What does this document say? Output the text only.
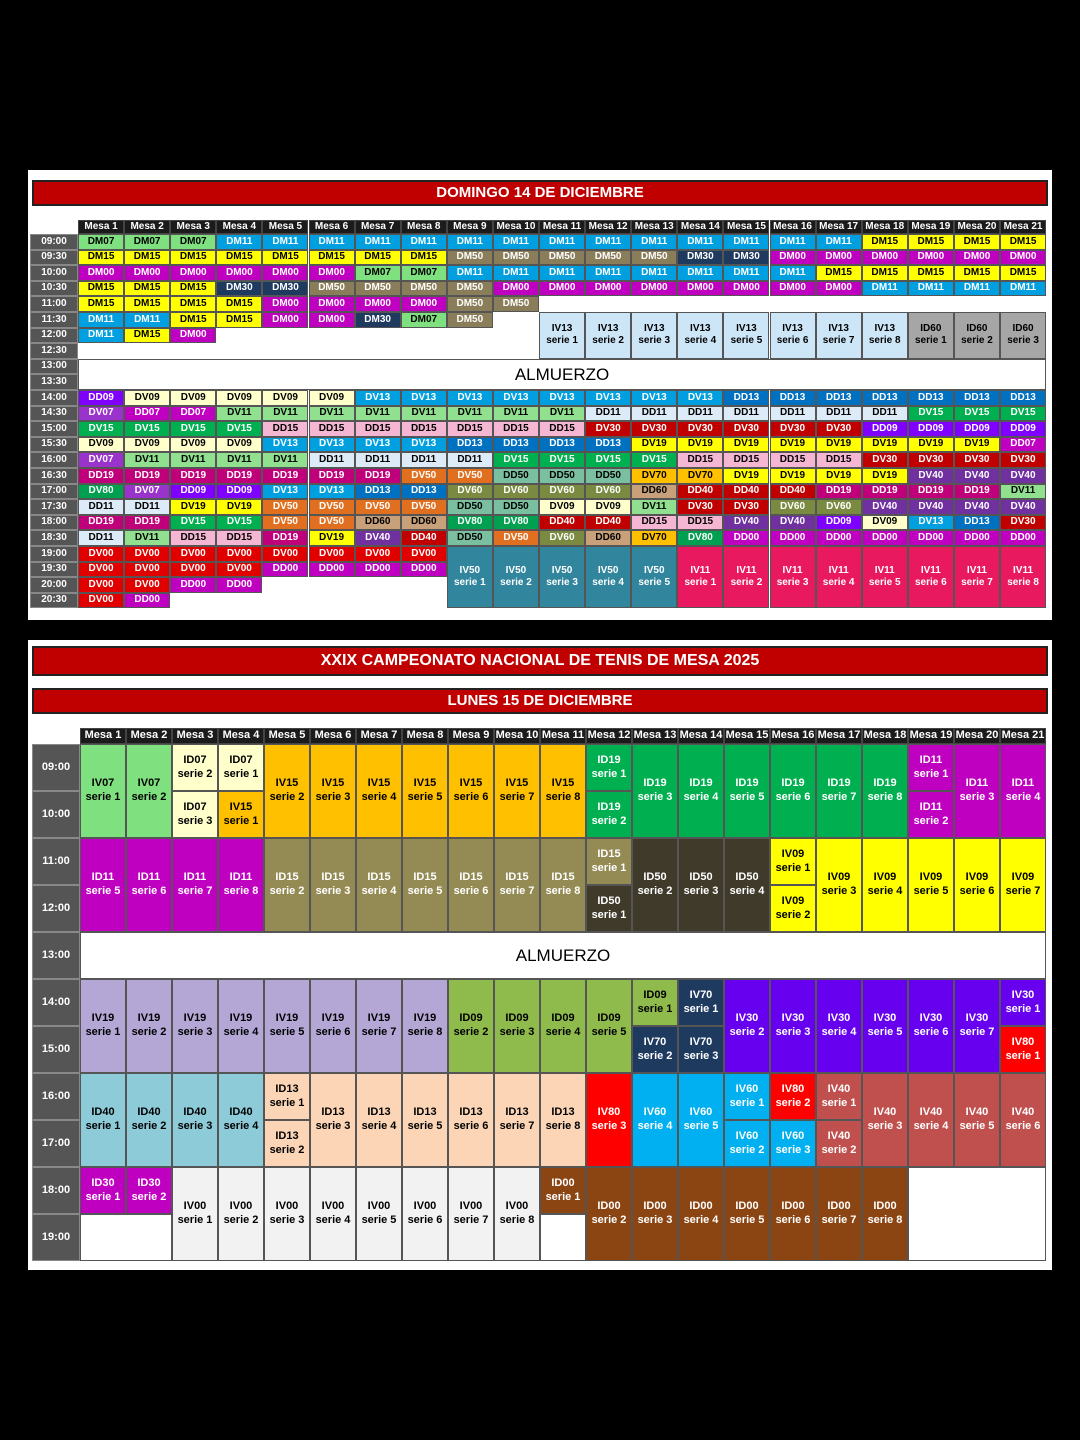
DOMINGO 14 DE DICIEMBRE
Mesa 1 Mesa 2 Mesa 3 Mesa 4 Mesa 5 Mesa 6 Mesa 7 Mesa 8 Mesa 9 Mesa 10 Mesa 11 Mesa 12 Mesa 13 Mesa 14 Mesa 15 Mesa 16 Mesa 17 Mesa 18 Mesa 19 Mesa 20 Mesa 21
09:00
09:30
10:00
10:30
11:00
11:30
12:00
12:30
13:00
13:30
14:00
14:30
15:00
15:30
16:00
16:30
17:00
17:30
18:00
18:30
19:00
19:30
20:00
20:30
DM07 DM07 DM07 DM11 DM11 DM11 DM11 DM11 DM11 DM11 DM11 DM11 DM11 DM11 DM11 DM11 DM11 DM15 DM15 DM15 DM15
DM15 DM15 DM15 DM15 DM15 DM15 DM15 DM15 DM50 DM50 DM50 DM50 DM50 DM30 DM30 DM00 DM00 DM00 DM00 DM00 DM00
DM00 DM00 DM00 DM00 DM00 DM00 DM07 DM07 DM11 DM11 DM11 DM11 DM11 DM11 DM11 DM11 DM15 DM15 DM15 DM15 DM15
DM15 DM15 DM15 DM30 DM30 DM50 DM50 DM50 DM50 DM00 DM00 DM00 DM00 DM00 DM00 DM00 DM00 DM11 DM11 DM11 DM11
DM15 DM15 DM15 DM15 DM00 DM00 DM00 DM00 DM50 DM50
DM11 DM11 DM15 DM15 DM00 DM00 DM30 DM07 DM50
DM11 DM15 DM00
DD09 DV09 DV09 DV09 DV09 DV09 DV13 DV13 DV13 DV13 DV13 DV13 DV13 DV13 DD13 DD13 DD13 DD13 DD13 DD13 DD13
DV07 DD07 DD07 DV11 DV11 DV11 DV11 DV11 DV11 DV11 DV11 DD11 DD11 DD11 DD11 DD11 DD11 DD11 DV15 DV15 DV15
DV15 DV15 DV15 DV15 DD15 DD15 DD15 DD15 DD15 DD15 DD15 DV30 DV30 DV30 DV30 DV30 DV30 DD09 DD09 DD09 DD09
DV09 DV09 DV09 DV09 DV13 DV13 DV13 DV13 DD13 DD13 DD13 DD13 DV19 DV19 DV19 DV19 DV19 DV19 DV19 DV19 DD07
DV07 DV11 DV11 DV11 DV11 DD11 DD11 DD11 DD11 DV15 DV15 DV15 DV15 DD15 DD15 DD15 DD15 DV30 DV30 DV30 DV30
DD19 DD19 DD19 DD19 DD19 DD19 DD19 DV50 DV50 DD50 DD50 DD50 DV70 DV70 DV19 DV19 DV19 DV19 DV40 DV40 DV40
DV80 DV07 DD09 DD09 DV13 DV13 DD13 DD13 DV60 DV60 DV60 DV60 DD60 DD40 DD40 DD40 DD19 DD19 DD19 DD19 DV11
DD11 DD11 DV19 DV19 DV50 DV50 DV50 DV50 DD50 DD50 DV09 DV09 DV11 DV30 DV30 DV60 DV60 DV40 DV40 DV40 DV40
DD19 DD19 DV15 DV15 DV50 DV50 DD60 DD60 DV80 DV80 DD40 DD40 DD15 DD15 DV40 DV40 DD09 DV09 DV13 DD13 DV30
DD11 DV11 DD15 DD15 DD19 DV19 DV40 DD40 DD50 DV50 DV60 DD60 DV70 DV80 DD00 DD00 DD00 DD00 DD00 DD00 DD00
DV00 DV00 DV00 DV00 DV00 DV00 DV00 DV00
DV00 DV00 DV00 DV00 DD00 DD00 DD00 DD00
DV00 DV00 DD00 DD00
DV00 DD00
ALMUERZO
IV13
serie 1
IV13
serie 2
IV13
serie 3
IV13
serie 4
IV13
serie 5
IV13
serie 6
IV13
serie 7
IV13
serie 8
ID60
serie 1
ID60
serie 2
ID60
serie 3
IV50
serie 1
IV50
serie 2
IV50
serie 3
IV50
serie 4
IV50
serie 5
IV11
serie 1
IV11
serie 2
IV11
serie 3
IV11
serie 4
IV11
serie 5
IV11
serie 6
IV11
serie 7
IV11
serie 8
XXIX CAMPEONATO NACIONAL DE TENIS DE MESA 2025
LUNES 15 DE DICIEMBRE
Mesa 1 Mesa 2 Mesa 3 Mesa 4 Mesa 5 Mesa 6 Mesa 7 Mesa 8 Mesa 9 Mesa 10 Mesa 11 Mesa 12 Mesa 13 Mesa 14 Mesa 15 Mesa 16 Mesa 17 Mesa 18 Mesa 19 Mesa 20 Mesa 21
09:00
10:00
11:00
12:00
13:00
14:00
15:00
16:00
17:00
18:00
19:00
ALMUERZO
IV07
serie 1
IV07
serie 2
ID07
serie 2
ID07
serie 1
ID07
serie 3
IV15
serie 1
IV15
serie 2
IV15
serie 3
IV15
serie 4
IV15
serie 5
IV15
serie 6
IV15
serie 7
IV15
serie 8
ID19
serie 1
ID19
serie 2
ID19
serie 3
ID19
serie 4
ID19
serie 5
ID19
serie 6
ID19
serie 7
ID19
serie 8
ID11
serie 1
ID11
serie 2
ID11
serie 3
ID11
serie 4
ID11
serie 5
ID11
serie 6
ID11
serie 7
ID11
serie 8
ID15
serie 2
ID15
serie 3
ID15
serie 4
ID15
serie 5
ID15
serie 6
ID15
serie 7
ID15
serie 8
ID15
serie 1
ID50
serie 1
ID50
serie 2
ID50
serie 3
ID50
serie 4
IV09
serie 1
IV09
serie 2
IV09
serie 3
IV09
serie 4
IV09
serie 5
IV09
serie 6
IV09
serie 7
IV19
serie 1
IV19
serie 2
IV19
serie 3
IV19
serie 4
IV19
serie 5
IV19
serie 6
IV19
serie 7
IV19
serie 8
ID09
serie 2
ID09
serie 3
ID09
serie 4
ID09
serie 5
ID09
serie 1
IV70
serie 1
IV70
serie 2
IV70
serie 3
IV30
serie 2
IV30
serie 3
IV30
serie 4
IV30
serie 5
IV30
serie 6
IV30
serie 7
IV30
serie 1
IV80
serie 1
ID40
serie 1
ID40
serie 2
ID40
serie 3
ID40
serie 4
ID13
serie 1
ID13
serie 2
ID13
serie 3
ID13
serie 4
ID13
serie 5
ID13
serie 6
ID13
serie 7
ID13
serie 8
IV80
serie 3
IV60
serie 4
IV60
serie 5
IV60
serie 1
IV60
serie 2
IV80
serie 2
IV60
serie 3
IV40
serie 1
IV40
serie 2
IV40
serie 3
IV40
serie 4
IV40
serie 5
IV40
serie 6
ID30
serie 1
ID30
serie 2
IV00
serie 1
IV00
serie 2
IV00
serie 3
IV00
serie 4
IV00
serie 5
IV00
serie 6
IV00
serie 7
IV00
serie 8
ID00
serie 1
ID00
serie 2
ID00
serie 3
ID00
serie 4
ID00
serie 5
ID00
serie 6
ID00
serie 7
ID00
serie 8
